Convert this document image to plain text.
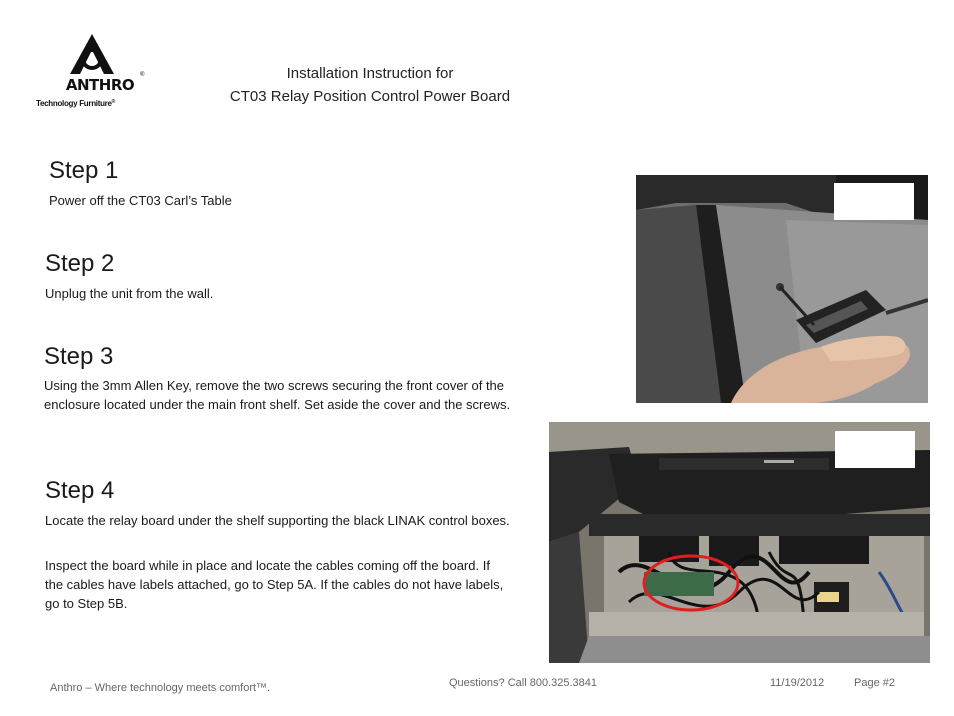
ANTHRO
®
Technology Furniture®
Installation Instruction for
CT03 Relay Position Control Power Board
Step 1
Power off the CT03 Carl’s Table
Step 2
Unplug the unit from the wall.
Step 3
Using the 3mm Allen Key, remove the two screws securing the front cover of the
enclosure located under the main front shelf. Set aside the cover and the screws.
Step 4
Locate the relay board under the shelf supporting the black LINAK control boxes.
Inspect the board while in place and locate the cables coming off the board. If
the cables have labels attached, go to Step 5A. If the cables do not have labels,
go to Step 5B.
Anthro – Where technology meets comfort™.	Questions? Call 800.325.3841	11/19/2012	Page #2
